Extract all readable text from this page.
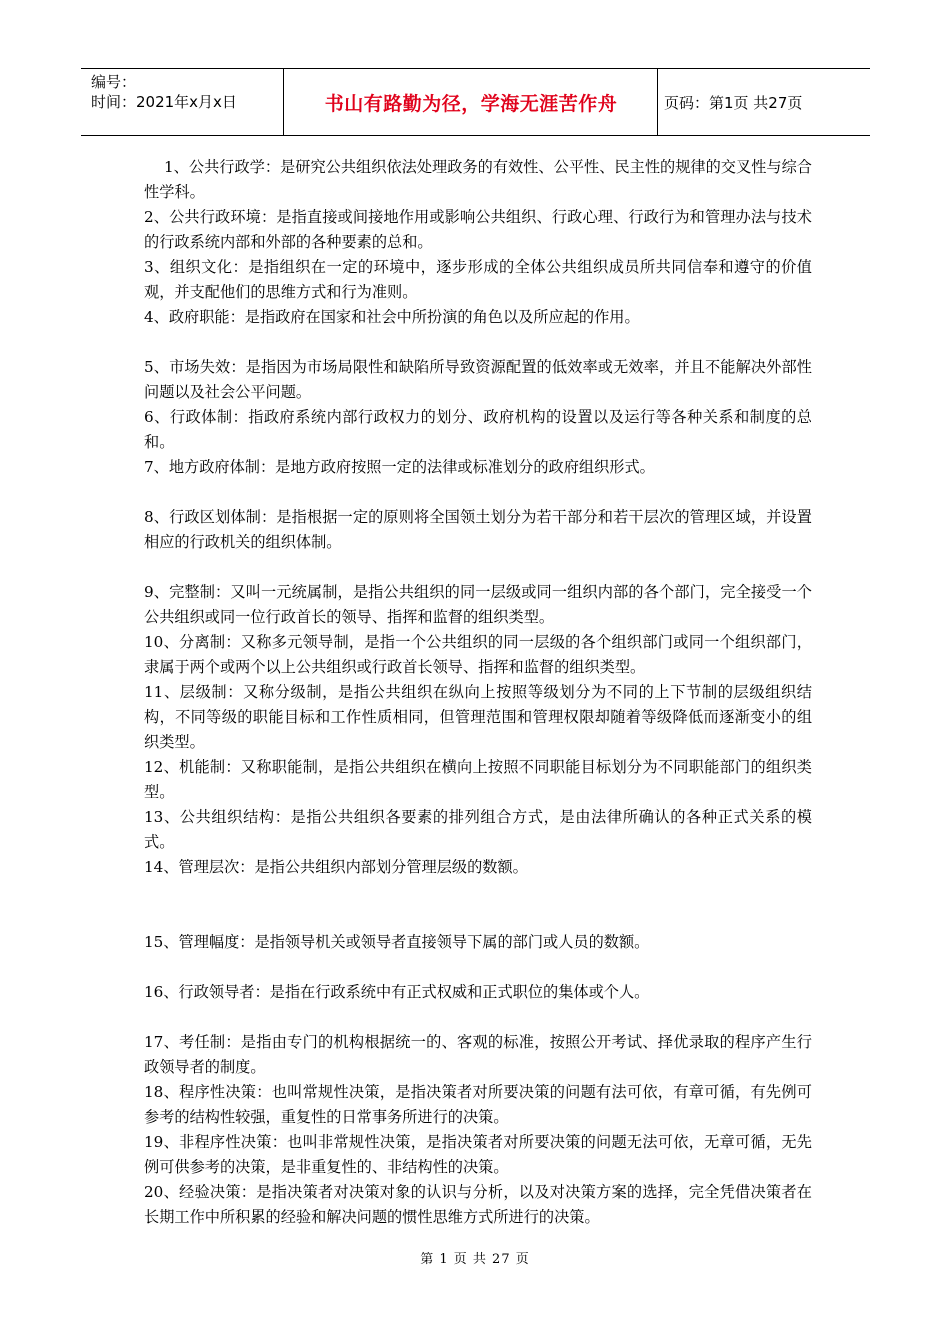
编号：
时间：2021年x月x日	书山有路勤为径，学海无涯苦作舟	页码：第1页 共27页

1、公共行政学：是研究公共组织依法处理政务的有效性、公平性、民主性的规律的交叉性与综合性学科。

2、公共行政环境：是指直接或间接地作用或影响公共组织、行政心理、行政行为和管理办法与技术的行政系统内部和外部的各种要素的总和。

3、组织文化：是指组织在一定的环境中，逐步形成的全体公共组织成员所共同信奉和遵守的价值观，并支配他们的思维方式和行为准则。

4、政府职能：是指政府在国家和社会中所扮演的角色以及所应起的作用。

5、市场失效：是指因为市场局限性和缺陷所导致资源配置的低效率或无效率，并且不能解决外部性问题以及社会公平问题。

6、行政体制：指政府系统内部行政权力的划分、政府机构的设置以及运行等各种关系和制度的总和。

7、地方政府体制：是地方政府按照一定的法律或标准划分的政府组织形式。

8、行政区划体制：是指根据一定的原则将全国领土划分为若干部分和若干层次的管理区域，并设置相应的行政机关的组织体制。

9、完整制：又叫一元统属制，是指公共组织的同一层级或同一组织内部的各个部门，完全接受一个公共组织或同一位行政首长的领导、指挥和监督的组织类型。

10、分离制：又称多元领导制，是指一个公共组织的同一层级的各个组织部门或同一个组织部门，隶属于两个或两个以上公共组织或行政首长领导、指挥和监督的组织类型。

11、层级制：又称分级制，是指公共组织在纵向上按照等级划分为不同的上下节制的层级组织结构，不同等级的职能目标和工作性质相同，但管理范围和管理权限却随着等级降低而逐渐变小的组织类型。

12、机能制：又称职能制，是指公共组织在横向上按照不同职能目标划分为不同职能部门的组织类型。

13、公共组织结构：是指公共组织各要素的排列组合方式，是由法律所确认的各种正式关系的模式。

14、管理层次：是指公共组织内部划分管理层级的数额。

15、管理幅度：是指领导机关或领导者直接领导下属的部门或人员的数额。

16、行政领导者：是指在行政系统中有正式权威和正式职位的集体或个人。

17、考任制：是指由专门的机构根据统一的、客观的标准，按照公开考试、择优录取的程序产生行政领导者的制度。

18、程序性决策：也叫常规性决策，是指决策者对所要决策的问题有法可依，有章可循，有先例可参考的结构性较强，重复性的日常事务所进行的决策。

19、非程序性决策：也叫非常规性决策，是指决策者对所要决策的问题无法可依，无章可循，无先例可供参考的决策，是非重复性的、非结构性的决策。

20、经验决策：是指决策者对决策对象的认识与分析，以及对决策方案的选择，完全凭借决策者在长期工作中所积累的经验和解决问题的惯性思维方式所进行的决策。

第 1 页 共 27 页
